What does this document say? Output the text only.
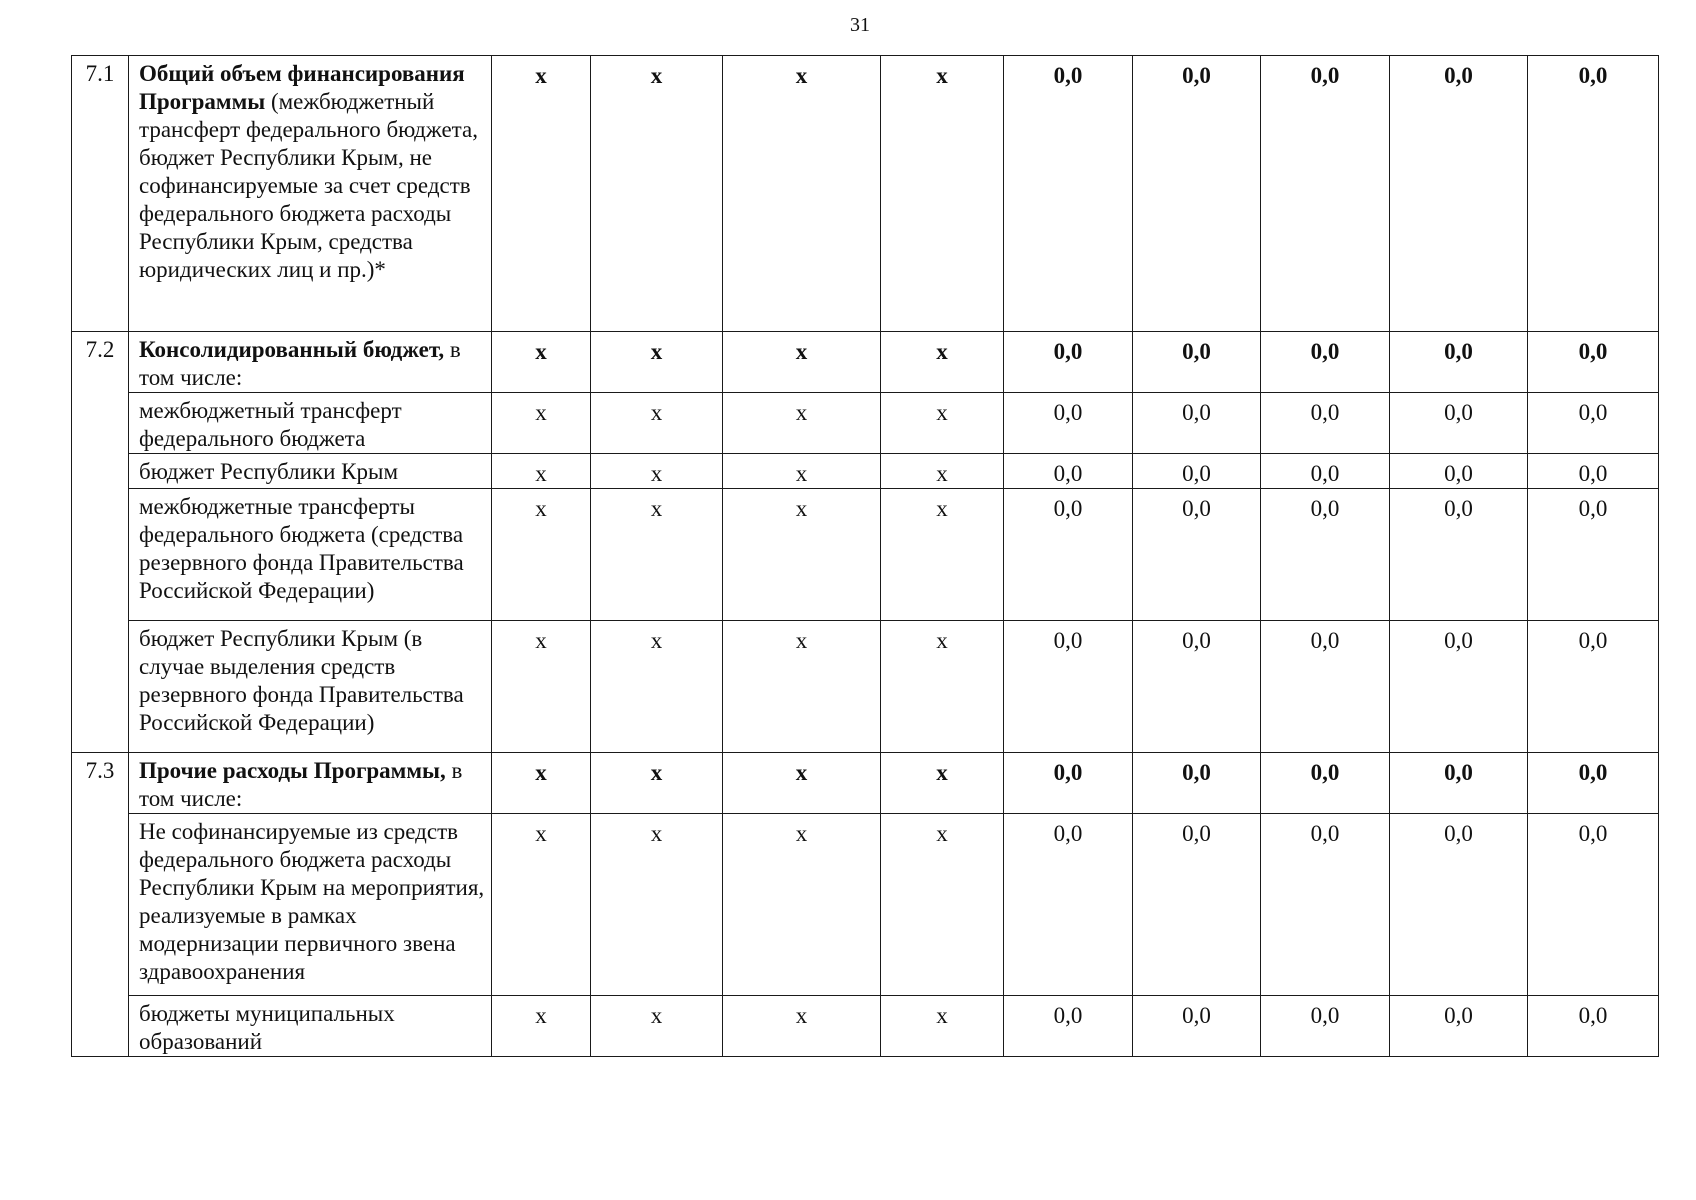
31
7.1	Общий объем финансирования Программы (межбюджетный трансферт федерального бюджета, бюджет Республики Крым, не софинансируемые за счет средств федерального бюджета расходы Республики Крым, средства юридических лиц и пр.)*	x	x	x	x	0,0	0,0	0,0	0,0	0,0
7.2	Консолидированный бюджет, в том числе:	x	x	x	x	0,0	0,0	0,0	0,0	0,0
	межбюджетный трансферт федерального бюджета	x	x	x	x	0,0	0,0	0,0	0,0	0,0
	бюджет Республики Крым	x	x	x	x	0,0	0,0	0,0	0,0	0,0
	межбюджетные трансферты федерального бюджета (средства резервного фонда Правительства Российской Федерации)	x	x	x	x	0,0	0,0	0,0	0,0	0,0
	бюджет Республики Крым (в случае выделения средств резервного фонда Правительства Российской Федерации)	x	x	x	x	0,0	0,0	0,0	0,0	0,0
7.3	Прочие расходы Программы, в том числе:	x	x	x	x	0,0	0,0	0,0	0,0	0,0
	Не софинансируемые из средств федерального бюджета расходы Республики Крым на мероприятия, реализуемые в рамках модернизации первичного звена здравоохранения	x	x	x	x	0,0	0,0	0,0	0,0	0,0
	бюджеты муниципальных образований	x	x	x	x	0,0	0,0	0,0	0,0	0,0
